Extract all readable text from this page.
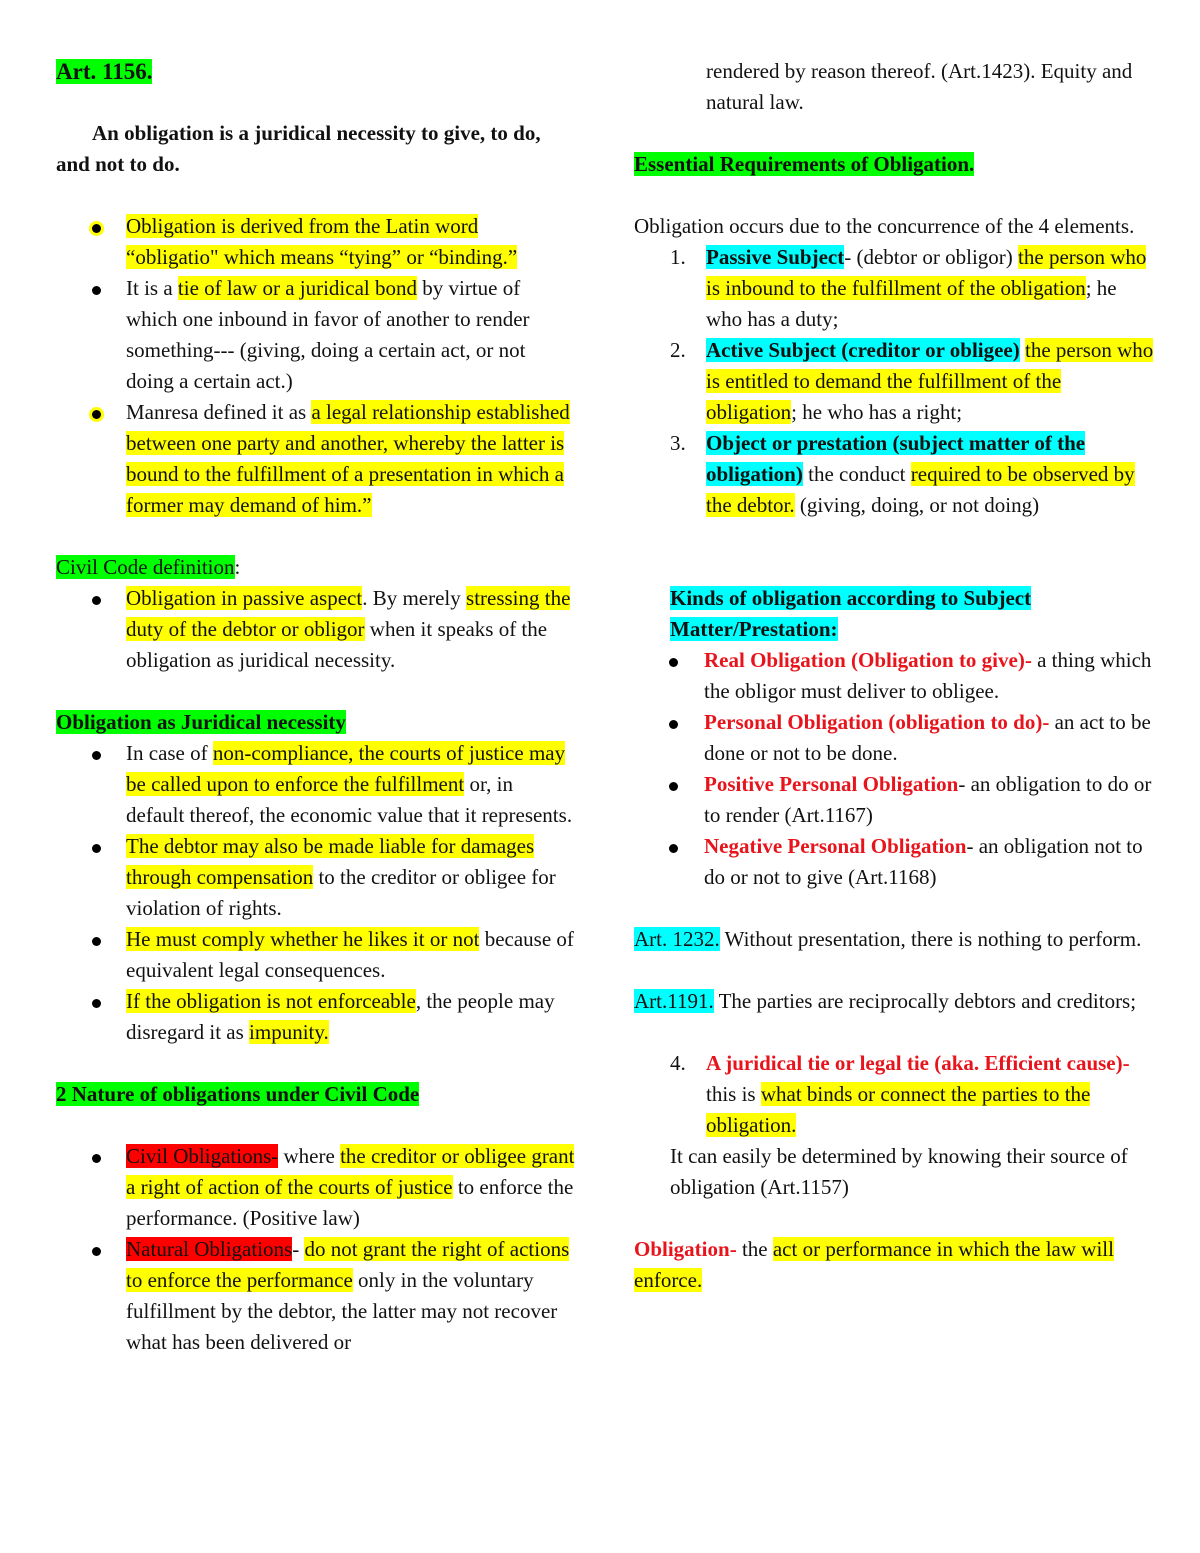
Art. 1156.

An obligation is a juridical necessity to give, to do, and not to do.

Obligation is derived from the Latin word “obligatio" which means “tying” or “binding.”
It is a tie of law or a juridical bond by virtue of which one inbound in favor of another to render something--- (giving, doing a certain act, or not doing a certain act.)
Manresa defined it as a legal relationship established between one party and another, whereby the latter is bound to the fulfillment of a presentation in which a former may demand of him.”

Civil Code definition:

Obligation in passive aspect. By merely stressing the duty of the debtor or obligor when it speaks of the obligation as juridical necessity.

Obligation as Juridical necessity

In case of non-compliance, the courts of justice may be called upon to enforce the fulfillment or, in default thereof, the economic value that it represents.
The debtor may also be made liable for damages through compensation to the creditor or obligee for violation of rights.
He must comply whether he likes it or not because of equivalent legal consequences.
If the obligation is not enforceable, the people may disregard it as impunity.

2 Nature of obligations under Civil Code

Civil Obligations- where the creditor or obligee grant a right of action of the courts of justice to enforce the performance. (Positive law)
Natural Obligations- do not grant the right of actions to enforce the performance only in the voluntary fulfillment by the debtor, the latter may not recover what has been delivered or

rendered by reason thereof. (Art.1423). Equity and natural law.

Essential Requirements of Obligation.

Obligation occurs due to the concurrence of the 4 elements.

1. Passive Subject- (debtor or obligor) the person who is inbound to the fulfillment of the obligation; he who has a duty;
2. Active Subject (creditor or obligee) the person who is entitled to demand the fulfillment of the obligation; he who has a right;
3. Object or prestation (subject matter of the obligation) the conduct required to be observed by the debtor. (giving, doing, or not doing)

Kinds of obligation according to Subject Matter/Prestation:

Real Obligation (Obligation to give)- a thing which the obligor must deliver to obligee.
Personal Obligation (obligation to do)- an act to be done or not to be done.
Positive Personal Obligation- an obligation to do or to render (Art.1167)
Negative Personal Obligation- an obligation not to do or not to give (Art.1168)

Art. 1232. Without presentation, there is nothing to perform.

Art.1191. The parties are reciprocally debtors and creditors;

4. A juridical tie or legal tie (aka. Efficient cause)- this is what binds or connect the parties to the obligation.

It can easily be determined by knowing their source of obligation (Art.1157)

Obligation- the act or performance in which the law will enforce.
